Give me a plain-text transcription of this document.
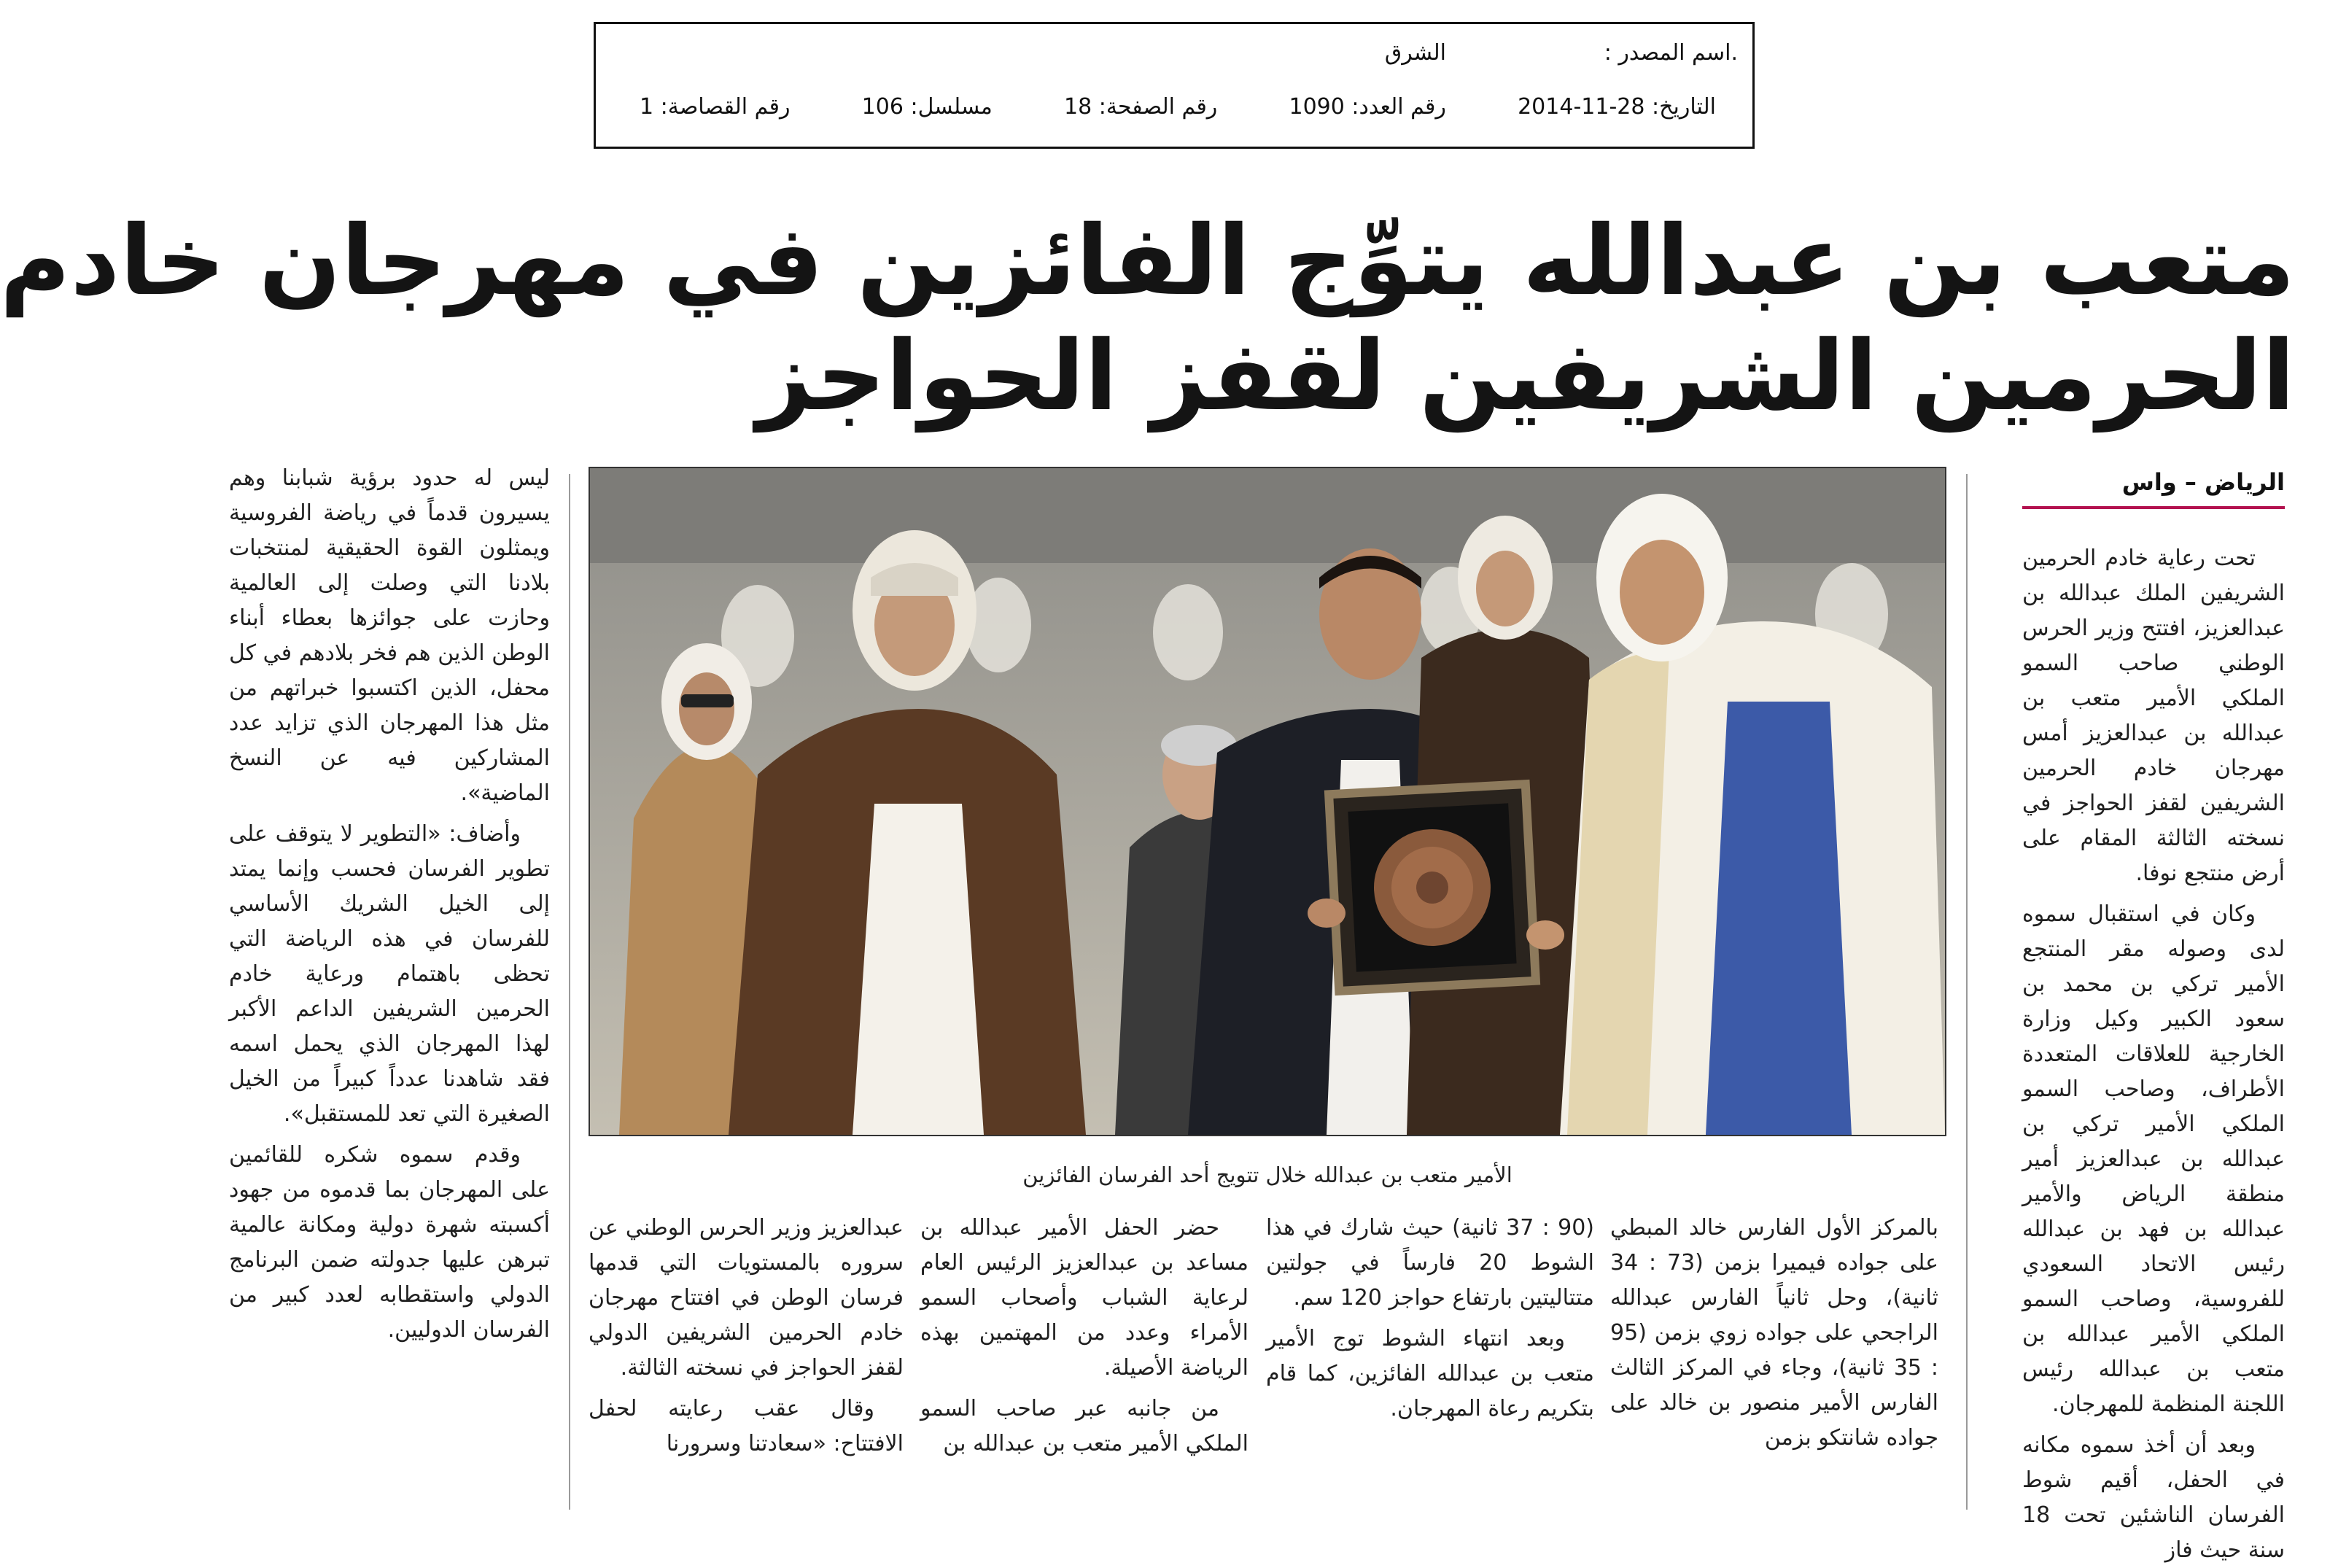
.اسم المصدر :
الشرق
التاريخ: 28-11-2014
رقم العدد: 1090
رقم الصفحة: 18
مسلسل: 106
رقم القصاصة: 1
متعب بن عبدالله يتوِّج الفائزين في مهرجان خادم
الحرمين الشريفين لقفز الحواجز
الرياض – واس

تحت رعاية خادم الحرمين الشريفين الملك عبدالله بن عبدالعزيز، افتتح وزير الحرس الوطني صاحب السمو الملكي الأمير متعب بن عبدالله بن عبدالعزيز أمس مهرجان خادم الحرمين الشريفين لقفز الحواجز في نسخته الثالثة المقام على أرض منتجع نوفا.

وكان في استقبال سموه لدى وصوله مقر المنتجع الأمير تركي بن محمد بن سعود الكبير وكيل وزارة الخارجية للعلاقات المتعددة الأطراف، وصاحب السمو الملكي الأمير تركي بن عبدالله بن عبدالعزيز أمير منطقة الرياض والأمير عبدالله بن فهد بن عبدالله رئيس الاتحاد السعودي للفروسية، وصاحب السمو الملكي الأمير عبدالله بن متعب بن عبدالله رئيس اللجنة المنظمة للمهرجان.

وبعد أن أخذ سموه مكانه في الحفل، أقيم شوط الفرسان الناشئين تحت 18 سنة حيث فاز

الأمير متعب بن عبدالله خلال تتويج أحد الفرسان الفائزين

ليس له حدود برؤية شبابنا وهم يسيرون قدماً في رياضة الفروسية ويمثلون القوة الحقيقية لمنتخبات بلادنا التي وصلت إلى العالمية وحازت على جوائزها بعطاء أبناء الوطن الذين هم فخر بلادهم في كل محفل، الذين اكتسبوا خبراتهم من مثل هذا المهرجان الذي تزايد عدد المشاركين فيه عن النسخ الماضية».

وأضاف: «التطوير لا يتوقف على تطوير الفرسان فحسب وإنما يمتد إلى الخيل الشريك الأساسي للفرسان في هذه الرياضة التي تحظى باهتمام ورعاية خادم الحرمين الشريفين الداعم الأكبر لهذا المهرجان الذي يحمل اسمه فقد شاهدنا عدداً كبيراً من الخيل الصغيرة التي تعد للمستقبل».

وقدم سموه شكره للقائمين على المهرجان بما قدموه من جهود أكسبته شهرة دولية ومكانة عالمية تبرهن عليها جدولته ضمن البرنامج الدولي واستقطابه لعدد كبير من الفرسان الدوليين.

بالمركز الأول الفارس خالد المبطي على جواده فيميرا بزمن (73 : 34 ثانية)، وحل ثانياً الفارس عبدالله الراجحي على جواده زوي بزمن (95 : 35 ثانية)، وجاء في المركز الثالث الفارس الأمير منصور بن خالد على جواده شانتكو بزمن

(90 : 37 ثانية) حيث شارك في هذا الشوط 20 فارساً في جولتين متتاليتين بارتفاع حواجز 120 سم.

وبعد انتهاء الشوط توج الأمير متعب بن عبدالله الفائزين، كما قام بتكريم رعاة المهرجان.

حضر الحفل الأمير عبدالله بن مساعد بن عبدالعزيز الرئيس العام لرعاية الشباب وأصحاب السمو الأمراء وعدد من المهتمين بهذه الرياضة الأصيلة.

من جانبه عبر صاحب السمو الملكي الأمير متعب بن عبدالله بن

عبدالعزيز وزير الحرس الوطني عن سروره بالمستويات التي قدمها فرسان الوطن في افتتاح مهرجان خادم الحرمين الشريفين الدولي لقفز الحواجز في نسخته الثالثة.

وقال عقب رعايته لحفل الافتتاح: «سعادتنا وسرورنا
